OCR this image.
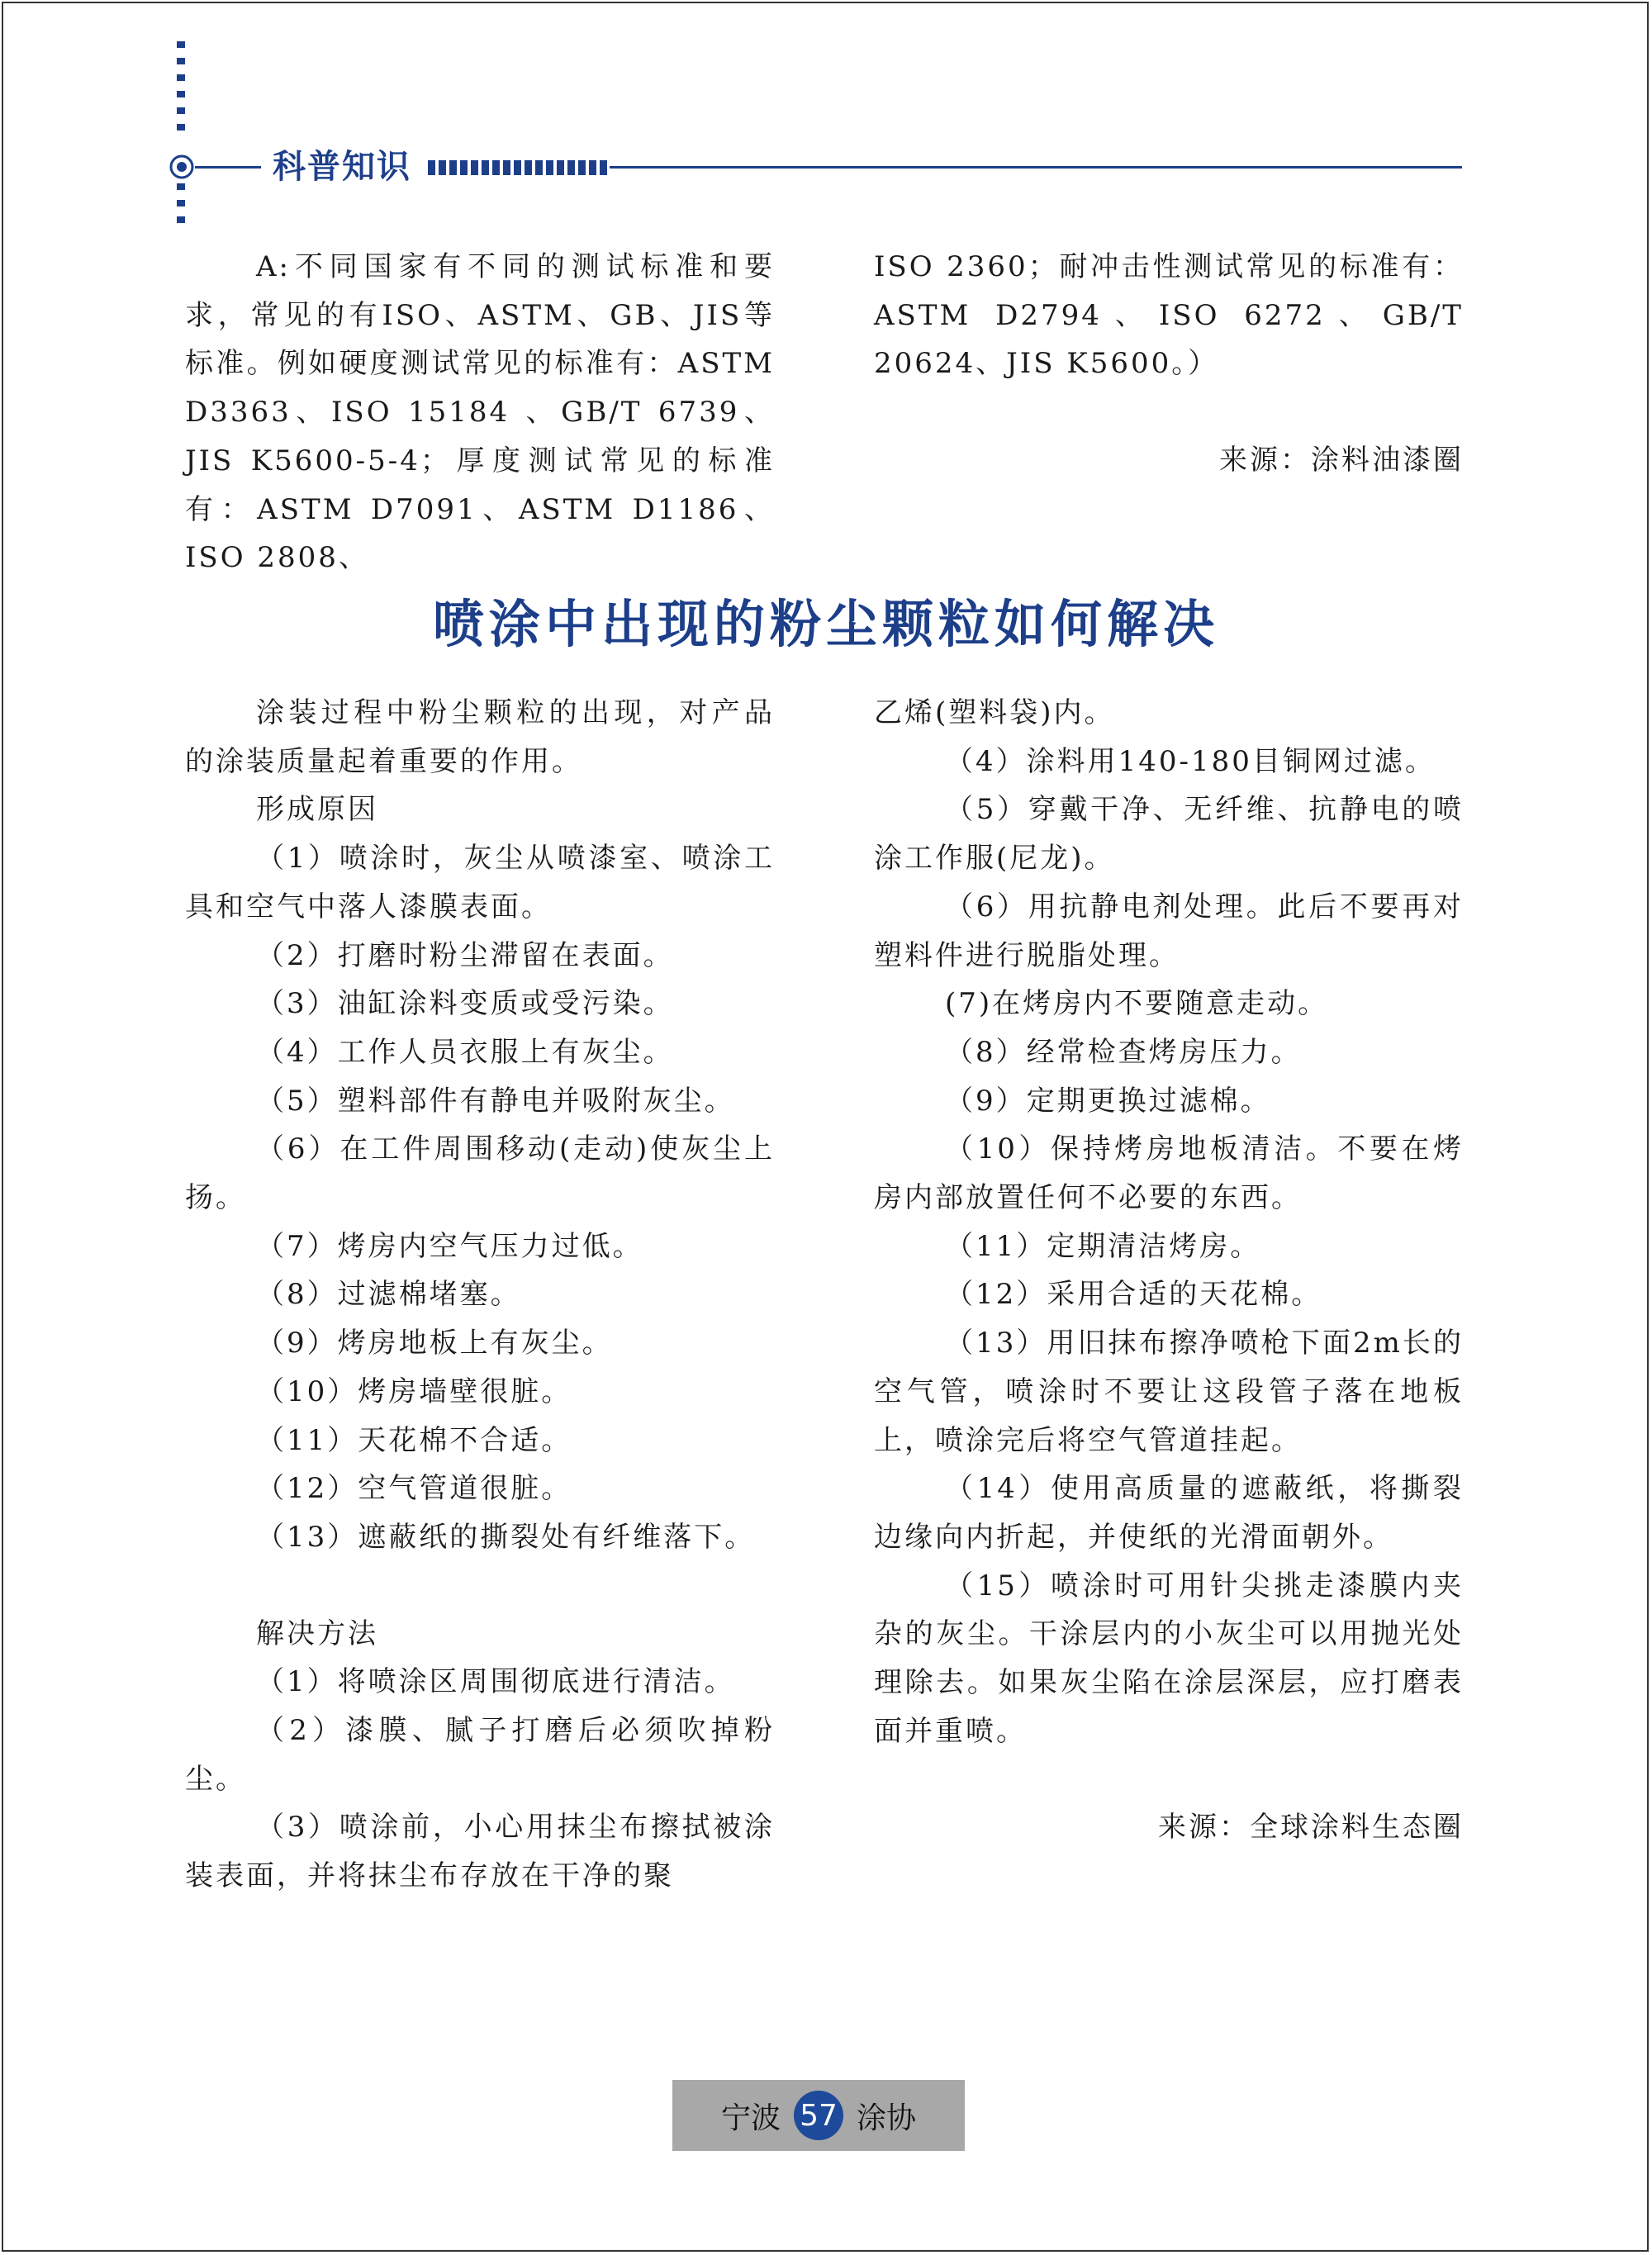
科普知识

A:不同国家有不同的测试标准和要求，常见的有ISO、ASTM、GB、JIS等标准。例如硬度测试常见的标准有：ASTM D3363、ISO 15184 、GB/T 6739、JIS K5600-5-4；厚度测试常见的标准有：ASTM D7091、ASTM D1186、ISO 2808、

ISO 2360；耐冲击性测试常见的标准有：ASTM D2794、ISO 6272、GB/T 20624、JIS K5600。）

来源：涂料油漆圈

喷涂中出现的粉尘颗粒如何解决

涂装过程中粉尘颗粒的出现，对产品的涂装质量起着重要的作用。

形成原因

（1）喷涂时，灰尘从喷漆室、喷涂工具和空气中落人漆膜表面。

（2）打磨时粉尘滞留在表面。

（3）油缸涂料变质或受污染。

（4）工作人员衣服上有灰尘。

（5）塑料部件有静电并吸附灰尘。

（6）在工件周围移动(走动)使灰尘上扬。

（7）烤房内空气压力过低。

（8）过滤棉堵塞。

（9）烤房地板上有灰尘。

（10）烤房墙壁很脏。

（11）天花棉不合适。

（12）空气管道很脏。

（13）遮蔽纸的撕裂处有纤维落下。

解决方法

（1）将喷涂区周围彻底进行清洁。

（2）漆膜、腻子打磨后必须吹掉粉尘。

（3）喷涂前，小心用抹尘布擦拭被涂装表面，并将抹尘布存放在干净的聚

乙烯(塑料袋)内。

（4）涂料用140-180目铜网过滤。

（5）穿戴干净、无纤维、抗静电的喷涂工作服(尼龙)。

（6）用抗静电剂处理。此后不要再对塑料件进行脱脂处理。

(7)在烤房内不要随意走动。

（8）经常检查烤房压力。

（9）定期更换过滤棉。

（10）保持烤房地板清洁。不要在烤房内部放置任何不必要的东西。

（11）定期清洁烤房。

（12）采用合适的天花棉。

（13）用旧抹布擦净喷枪下面2m长的空气管，喷涂时不要让这段管子落在地板上，喷涂完后将空气管道挂起。

（14）使用高质量的遮蔽纸，将撕裂边缘向内折起，并使纸的光滑面朝外。

（15）喷涂时可用针尖挑走漆膜内夹杂的灰尘。干涂层内的小灰尘可以用抛光处理除去。如果灰尘陷在涂层深层，应打磨表面并重喷。

来源：全球涂料生态圈

宁波 57 涂协
